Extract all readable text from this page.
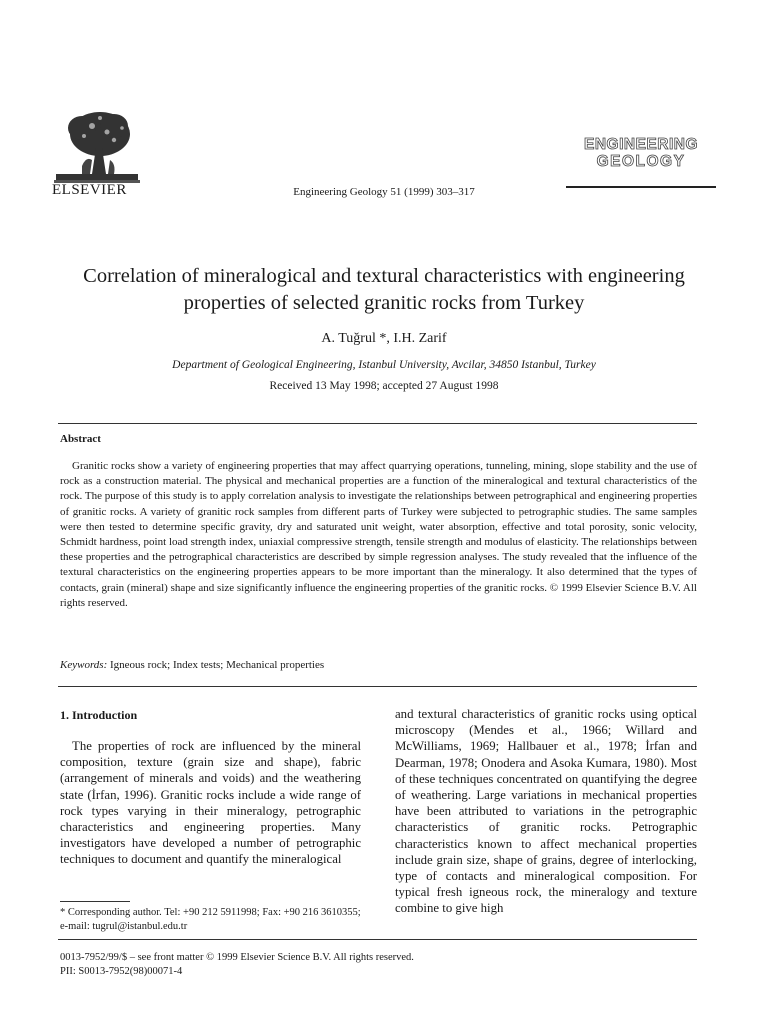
ELSEVIER	Engineering Geology 51 (1999) 303–317
ENGINEERING
GEOLOGY
Correlation of mineralogical and textural characteristics with engineering properties of selected granitic rocks from Turkey
A. Tuğrul *, I.H. Zarif
Department of Geological Engineering, Istanbul University, Avcilar, 34850 Istanbul, Turkey
Received 13 May 1998; accepted 27 August 1998
Abstract

Granitic rocks show a variety of engineering properties that may affect quarrying operations, tunneling, mining, slope stability and the use of rock as a construction material. The physical and mechanical properties are a function of the mineralogical and textural characteristics of the rock. The purpose of this study is to apply correlation analysis to investigate the relationships between petrographical and engineering properties of granitic rocks. A variety of granitic rock samples from different parts of Turkey were subjected to petrographic studies. The same samples were then tested to determine specific gravity, dry and saturated unit weight, water absorption, effective and total porosity, sonic velocity, Schmidt hardness, point load strength index, uniaxial compressive strength, tensile strength and modulus of elasticity. The relationships between these properties and the petrographical characteristics are described by simple regression analyses. The study revealed that the influence of the textural characteristics on the engineering properties appears to be more important than the mineralogy. It also determined that the types of contacts, grain (mineral) shape and size significantly influence the engineering properties of the granitic rocks. © 1999 Elsevier Science B.V. All rights reserved.

Keywords: Igneous rock; Index tests; Mechanical properties
1. Introduction

The properties of rock are influenced by the mineral composition, texture (grain size and shape), fabric (arrangement of minerals and voids) and the weathering state (İrfan, 1996). Granitic rocks include a wide range of rock types varying in their mineralogy, petrographic characteristics and engineering properties. Many investigators have developed a number of petrographic techniques to document and quantify the mineralogical

and textural characteristics of granitic rocks using optical microscopy (Mendes et al., 1966; Willard and McWilliams, 1969; Hallbauer et al., 1978; İrfan and Dearman, 1978; Onodera and Asoka Kumara, 1980). Most of these techniques concentrated on quantifying the degree of weathering. Large variations in mechanical properties have been attributed to variations in the petrographic characteristics of granitic rocks. Petrographic characteristics known to affect mechanical properties include grain size, shape of grains, degree of interlocking, type of contacts and mineralogical composition. For typical fresh igneous rock, the mineralogy and texture combine to give high

* Corresponding author. Tel: +90 212 5911998; Fax: +90 216 3610355; e-mail: tugrul@istanbul.edu.tr

0013-7952/99/$ – see front matter © 1999 Elsevier Science B.V. All rights reserved.
PII: S0013-7952(98)00071-4
